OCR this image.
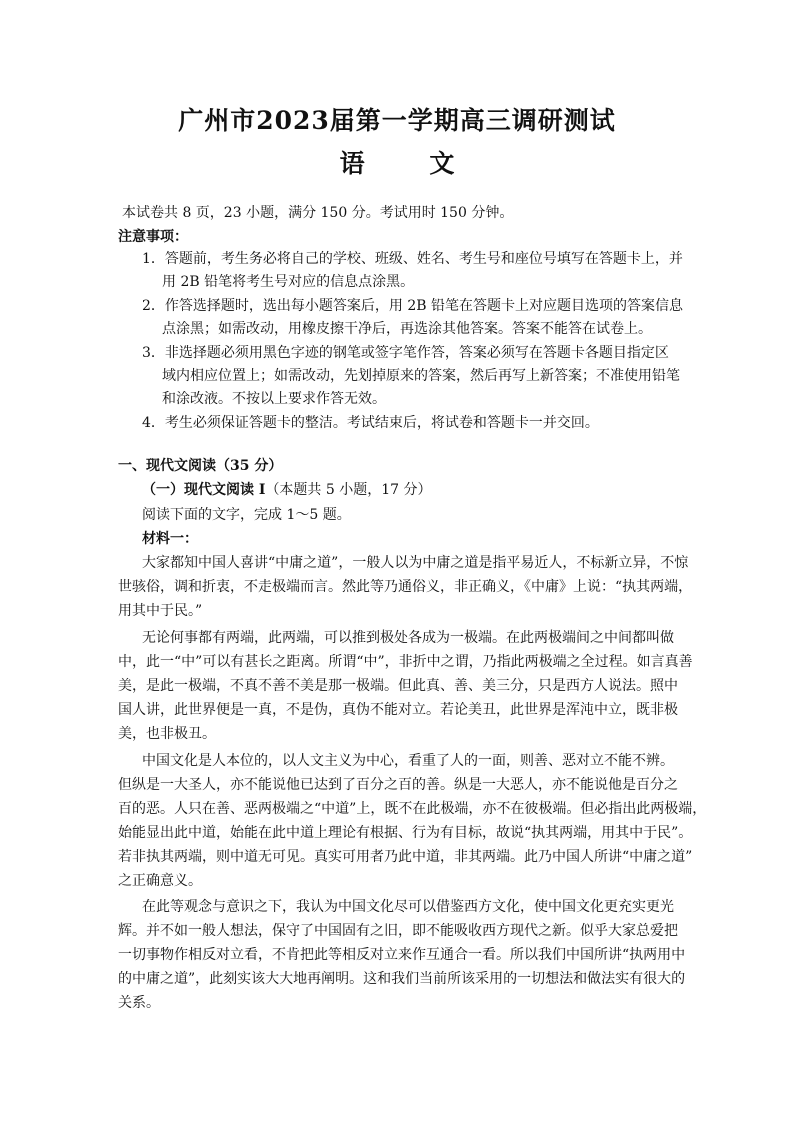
广州市2023届第一学期高三调研测试
语 文
本试卷共 8 页，23 小题，满分 150 分。考试用时 150 分钟。
注意事项：
1．答题前，考生务必将自己的学校、班级、姓名、考生号和座位号填写在答题卡上，并
用 2B 铅笔将考生号对应的信息点涂黑。
2．作答选择题时，选出每小题答案后，用 2B 铅笔在答题卡上对应题目选项的答案信息
点涂黑；如需改动，用橡皮擦干净后，再选涂其他答案。答案不能答在试卷上。
3．非选择题必须用黑色字迹的钢笔或签字笔作答，答案必须写在答题卡各题目指定区
域内相应位置上；如需改动，先划掉原来的答案，然后再写上新答案；不准使用铅笔
和涂改液。不按以上要求作答无效。
4．考生必须保证答题卡的整洁。考试结束后，将试卷和答题卡一并交回。
一、现代文阅读（35 分）
（一）现代文阅读 Ⅰ（本题共 5 小题，17 分）
阅读下面的文字，完成 1～5 题。
材料一：
大家都知中国人喜讲“中庸之道”，一般人以为中庸之道是指平易近人，不标新立异，不惊
世骇俗，调和折衷，不走极端而言。然此等乃通俗义，非正确义，《中庸》上说：“执其两端，
用其中于民。”
无论何事都有两端，此两端，可以推到极处各成为一极端。在此两极端间之中间都叫做
中，此一“中”可以有甚长之距离。所谓“中”，非折中之谓，乃指此两极端之全过程。如言真善
美，是此一极端，不真不善不美是那一极端。但此真、善、美三分，只是西方人说法。照中
国人讲，此世界便是一真，不是伪，真伪不能对立。若论美丑，此世界是浑沌中立，既非极
美，也非极丑。
中国文化是人本位的，以人文主义为中心，看重了人的一面，则善、恶对立不能不辨。
但纵是一大圣人，亦不能说他已达到了百分之百的善。纵是一大恶人，亦不能说他是百分之
百的恶。人只在善、恶两极端之“中道”上，既不在此极端，亦不在彼极端。但必指出此两极端，
始能显出此中道，始能在此中道上理论有根据、行为有目标，故说“执其两端，用其中于民”。
若非执其两端，则中道无可见。真实可用者乃此中道，非其两端。此乃中国人所讲“中庸之道”
之正确意义。
在此等观念与意识之下，我认为中国文化尽可以借鉴西方文化，使中国文化更充实更光
辉。并不如一般人想法，保守了中国固有之旧，即不能吸收西方现代之新。似乎大家总爱把
一切事物作相反对立看，不肯把此等相反对立来作互通合一看。所以我们中国所讲“执两用中
的中庸之道”，此刻实该大大地再阐明。这和我们当前所该采用的一切想法和做法实有很大的
关系。
